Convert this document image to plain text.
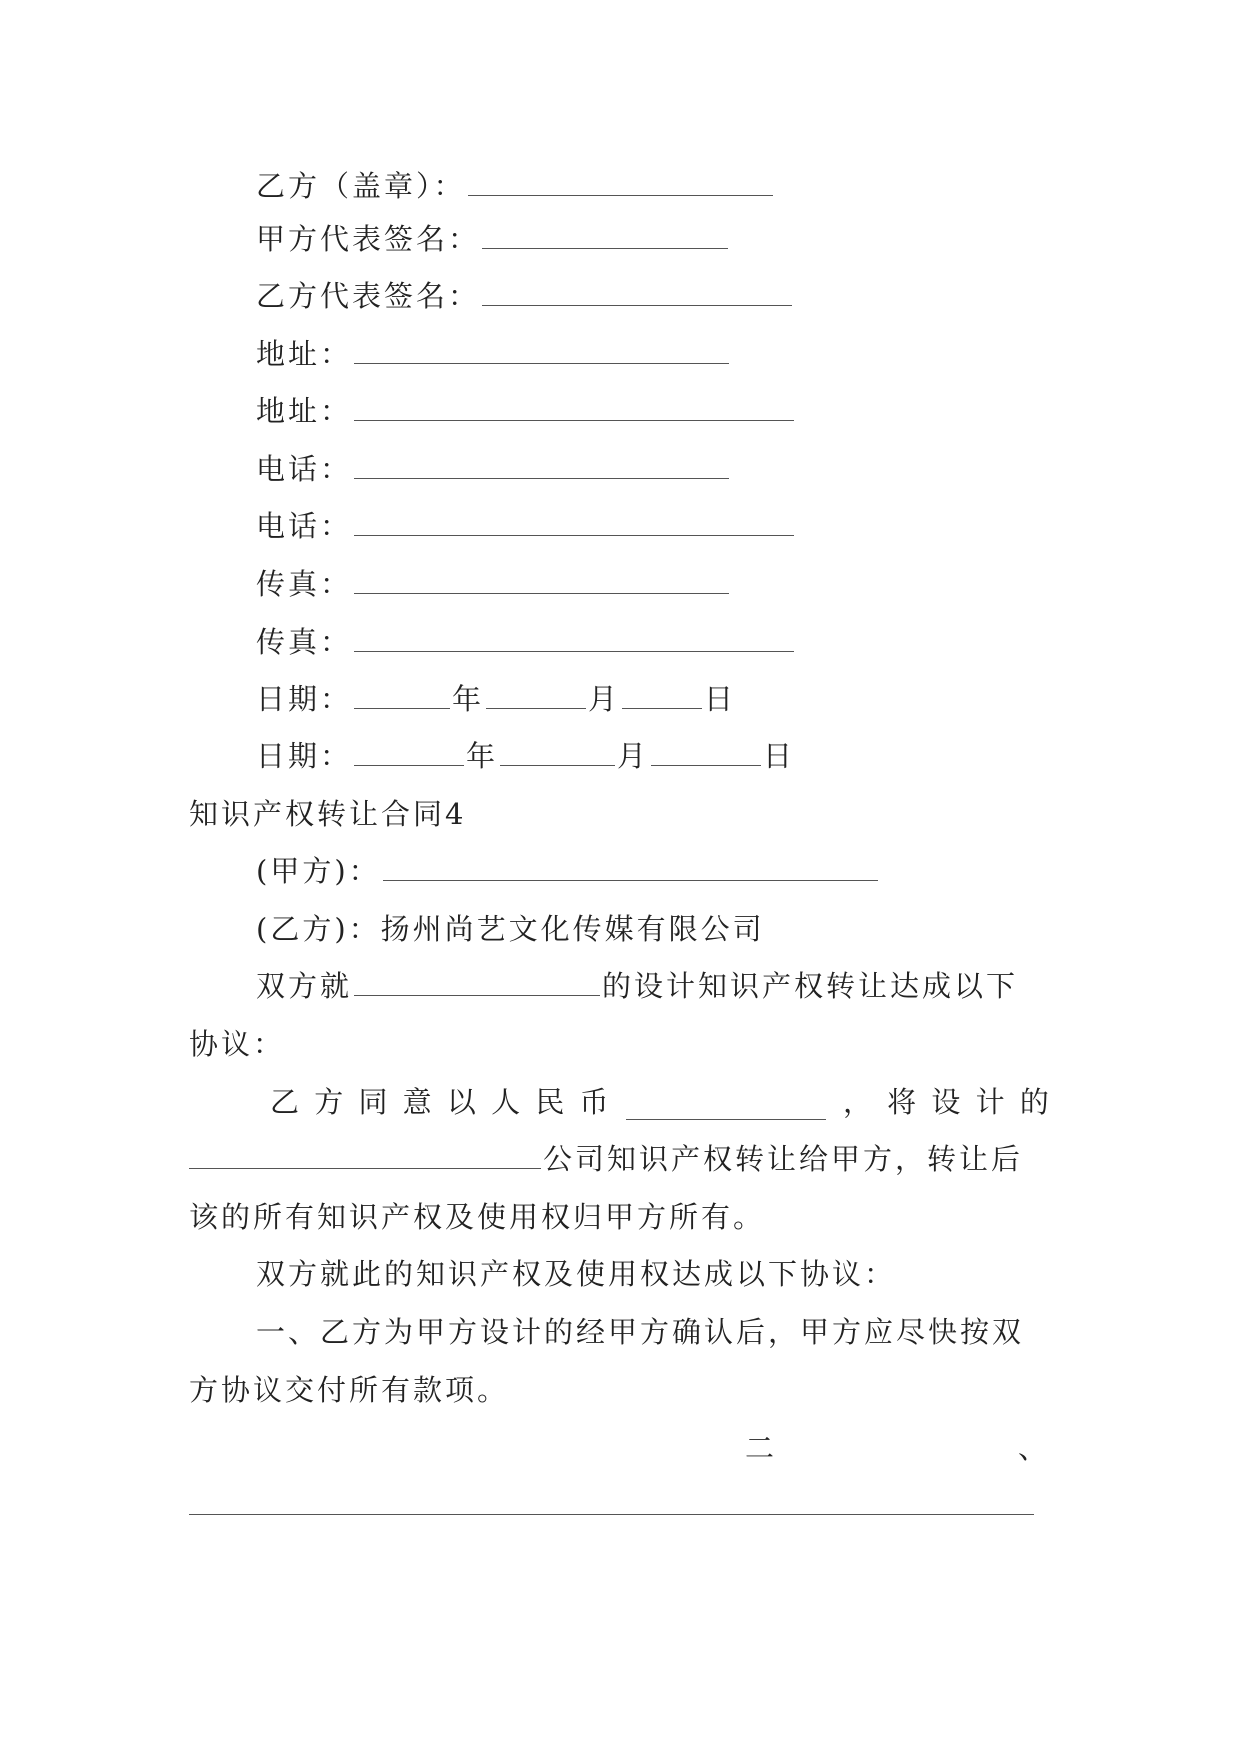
乙方（盖章）：
甲方代表签名：
乙方代表签名：
地址：
地址：
电话：
电话：
传真：
传真：
日期：	年	月	日
日期：	年	月	日
知识产权转让合同4
(甲方)：
(乙方)：扬州尚艺文化传媒有限公司
双方就	的设计知识产权转让达成以下
协议：
乙 方 同 意 以 人 民 币	， 将 设 计 的
公司知识产权转让给甲方，转让后
该的所有知识产权及使用权归甲方所有。
双方就此的知识产权及使用权达成以下协议：
一、乙方为甲方设计的经甲方确认后，甲方应尽快按双
方协议交付所有款项。
二	、
